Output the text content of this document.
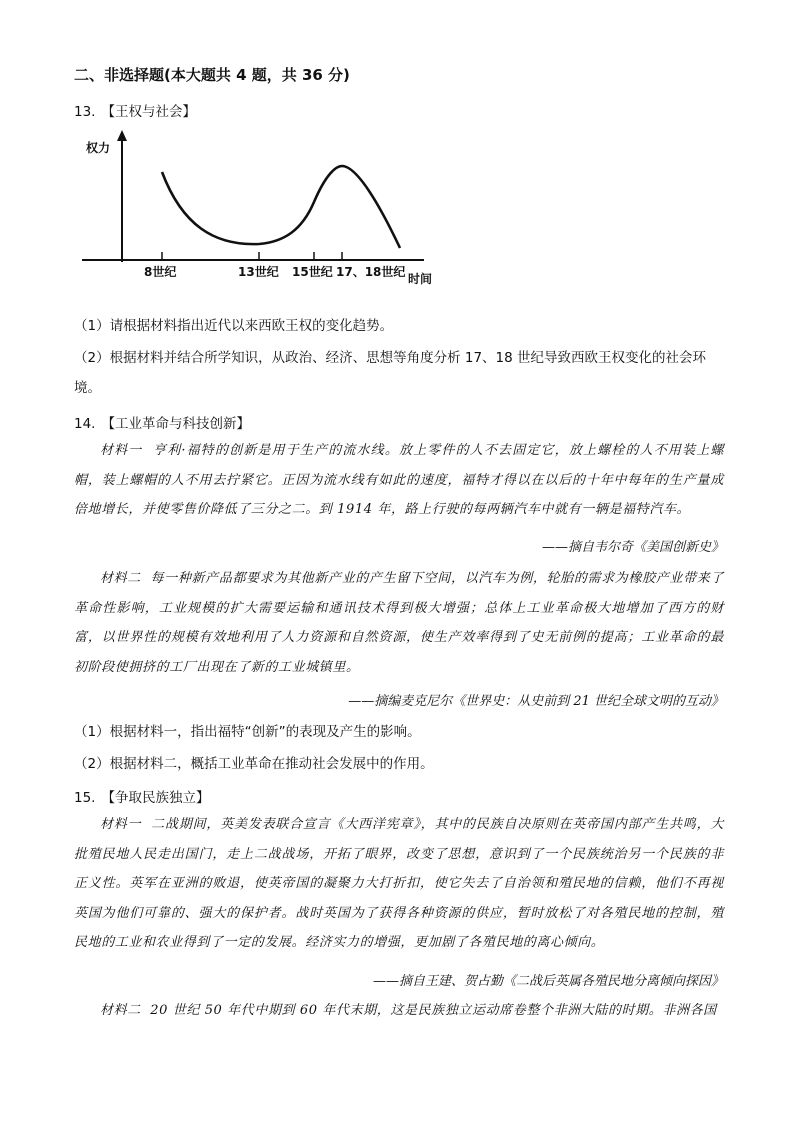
二、非选择题(本大题共 4 题，共 36 分)
13. 【王权与社会】
权力
时间
8世纪	13世纪 15世纪 17、18世纪
（1）请根据材料指出近代以来西欧王权的变化趋势。
（2）根据材料并结合所学知识，从政治、经济、思想等角度分析 17、18 世纪导致西欧王权变化的社会环
境。
14. 【工业革命与科技创新】
材料一 亨利·福特的创新是用于生产的流水线。放上零件的人不去固定它，放上螺栓的人不用装上螺帽，装上螺帽的人不用去拧紧它。正因为流水线有如此的速度，福特才得以在以后的十年中每年的生产量成倍地增长，并使零售价降低了三分之二。到 1914 年，路上行驶的每两辆汽车中就有一辆是福特汽车。
——摘自韦尔奇《美国创新史》
材料二 每一种新产品都要求为其他新产业的产生留下空间，以汽车为例，轮胎的需求为橡胶产业带来了革命性影响，工业规模的扩大需要运输和通讯技术得到极大增强；总体上工业革命极大地增加了西方的财富，以世界性的规模有效地利用了人力资源和自然资源，使生产效率得到了史无前例的提高；工业革命的最初阶段使拥挤的工厂出现在了新的工业城镇里。
——摘编麦克尼尔《世界史：从史前到 21 世纪全球文明的互动》
（1）根据材料一，指出福特“创新”的表现及产生的影响。
（2）根据材料二，概括工业革命在推动社会发展中的作用。
15. 【争取民族独立】
材料一 二战期间，英美发表联合宣言《大西洋宪章》，其中的民族自决原则在英帝国内部产生共鸣，大批殖民地人民走出国门，走上二战战场，开拓了眼界，改变了思想，意识到了一个民族统治另一个民族的非正义性。英军在亚洲的败退，使英帝国的凝聚力大打折扣，使它失去了自治领和殖民地的信赖，他们不再视英国为他们可靠的、强大的保护者。战时英国为了获得各种资源的供应，暂时放松了对各殖民地的控制，殖民地的工业和农业得到了一定的发展。经济实力的增强，更加剧了各殖民地的离心倾向。
——摘自王建、贺占勤《二战后英属各殖民地分离倾向探因》
材料二 20 世纪 50 年代中期到 60 年代末期，这是民族独立运动席卷整个非洲大陆的时期。非洲各国
